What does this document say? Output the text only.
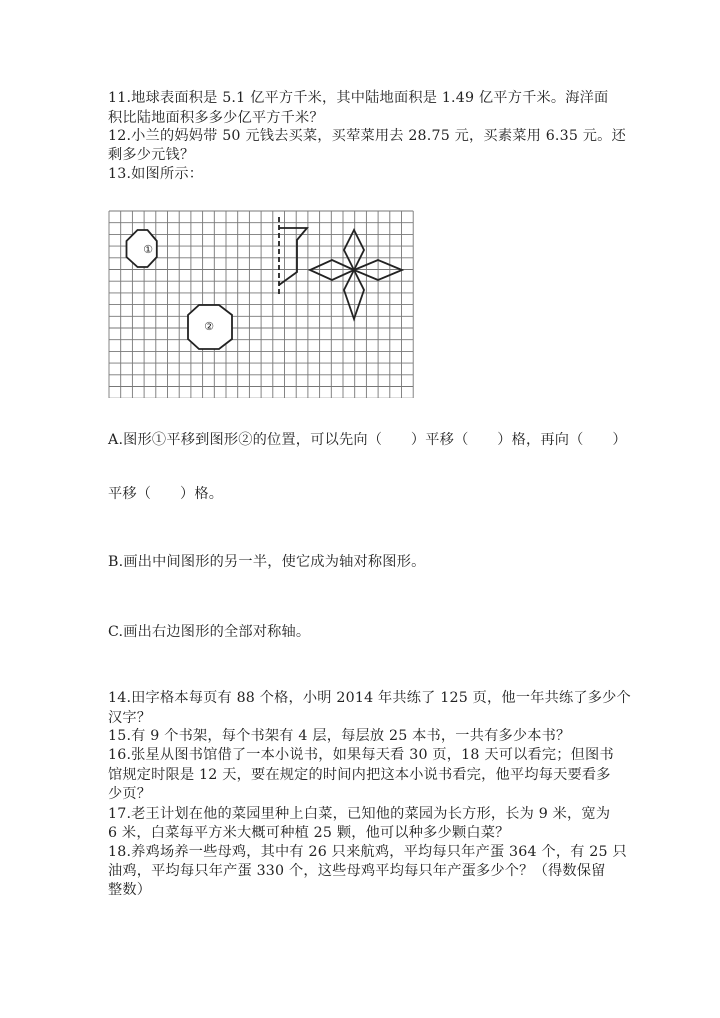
11.地球表面积是 5.1 亿平方千米，其中陆地面积是 1.49 亿平方千米。海洋面
积比陆地面积多多少亿平方千米？
12.小兰的妈妈带 50 元钱去买菜，买荤菜用去 28.75 元，买素菜用 6.35 元。还
剩多少元钱？
13.如图所示：
①
②
A.图形①平移到图形②的位置，可以先向（　　）平移（　　）格，再向（　　）
平移（　　）格。
B.画出中间图形的另一半，使它成为轴对称图形。
C.画出右边图形的全部对称轴。
14.田字格本每页有 88 个格，小明 2014 年共练了 125 页，他一年共练了多少个
汉字？
15.有 9 个书架，每个书架有 4 层，每层放 25 本书，一共有多少本书？
16.张星从图书馆借了一本小说书，如果每天看 30 页，18 天可以看完；但图书
馆规定时限是 12 天，要在规定的时间内把这本小说书看完，他平均每天要看多
少页？
17.老王计划在他的菜园里种上白菜，已知他的菜园为长方形，长为 9 米，宽为
6 米，白菜每平方米大概可种植 25 颗，他可以种多少颗白菜？
18.养鸡场养一些母鸡，其中有 26 只来航鸡，平均每只年产蛋 364 个，有 25 只
油鸡，平均每只年产蛋 330 个，这些母鸡平均每只年产蛋多少个？（得数保留
整数）
